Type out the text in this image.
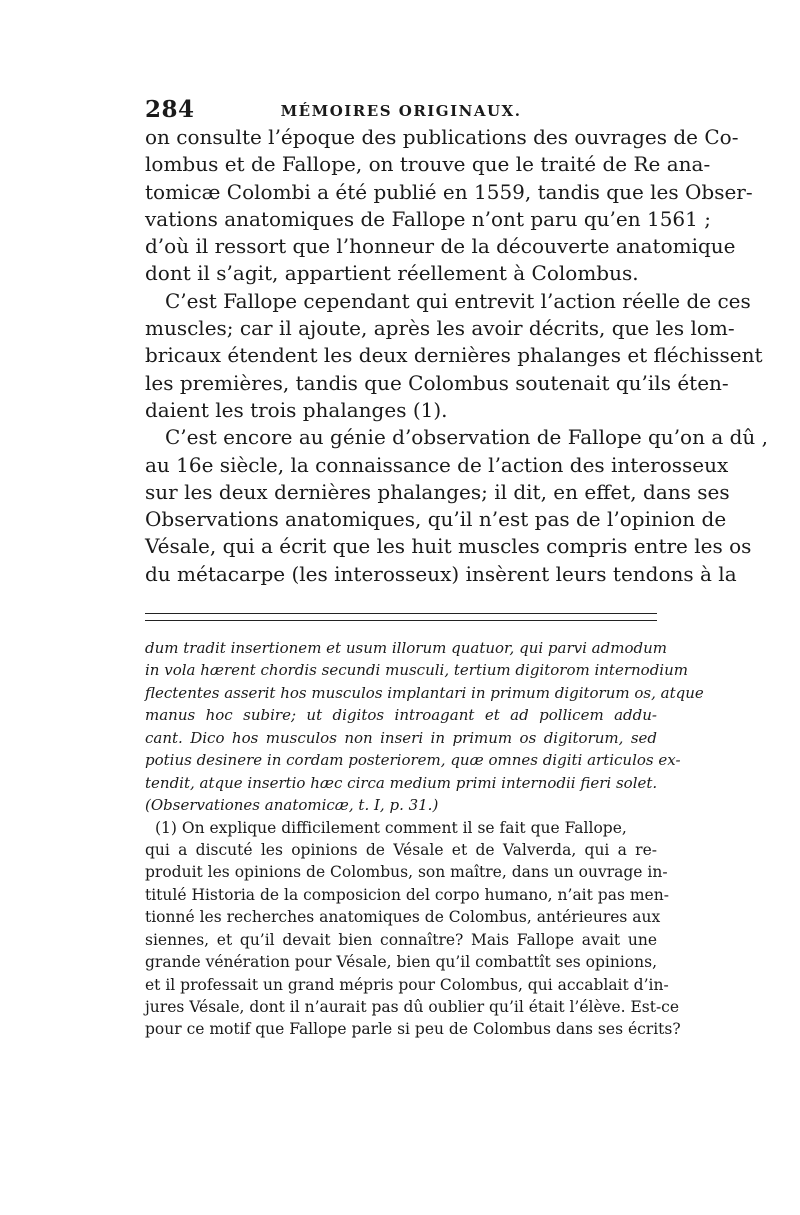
284	MÉMOIRES ORIGINAUX.
on consulte l’époque des publications des ouvrages de Co-
lombus et de Fallope, on trouve que le traité de Re ana-
tomicæ Colombi a été publié en 1559, tandis que les Obser-
vations anatomiques de Fallope n’ont paru qu’en 1561 ;
d’où il ressort que l’honneur de la découverte anatomique
dont il s’agit, appartient réellement à Colombus.
C’est Fallope cependant qui entrevit l’action réelle de ces
muscles; car il ajoute, après les avoir décrits, que les lom-
bricaux étendent les deux dernières phalanges et fléchissent
les premières, tandis que Colombus soutenait qu’ils éten-
daient les trois phalanges (1).
C’est encore au génie d’observation de Fallope qu’on a dû ,
au 16e siècle, la connaissance de l’action des interosseux
sur les deux dernières phalanges; il dit, en effet, dans ses
Observations anatomiques, qu’il n’est pas de l’opinion de
Vésale, qui a écrit que les huit muscles compris entre les os
du métacarpe (les interosseux) insèrent leurs tendons à la
dum tradit insertionem et usum illorum quatuor, qui parvi admodum
in vola hærent chordis secundi musculi, tertium digitorom internodium
flectentes asserit hos musculos implantari in primum digitorum os, atque
manus hoc subire; ut digitos introagant et ad pollicem addu-
cant. Dico hos musculos non inseri in primum os digitorum, sed
potius desinere in cordam posteriorem, quæ omnes digiti articulos ex-
tendit, atque insertio hæc circa medium primi internodii fieri solet.
(Observationes anatomicæ, t. I, p. 31.)
(1) On explique difficilement comment il se fait que Fallope,
qui a discuté les opinions de Vésale et de Valverda, qui a re-
produit les opinions de Colombus, son maître, dans un ouvrage in-
titulé Historia de la composicion del corpo humano, n’ait pas men-
tionné les recherches anatomiques de Colombus, antérieures aux
siennes, et qu’il devait bien connaître? Mais Fallope avait une
grande vénération pour Vésale, bien qu’il combattît ses opinions,
et il professait un grand mépris pour Colombus, qui accablait d’in-
jures Vésale, dont il n’aurait pas dû oublier qu’il était l’élève. Est-ce
pour ce motif que Fallope parle si peu de Colombus dans ses écrits?
